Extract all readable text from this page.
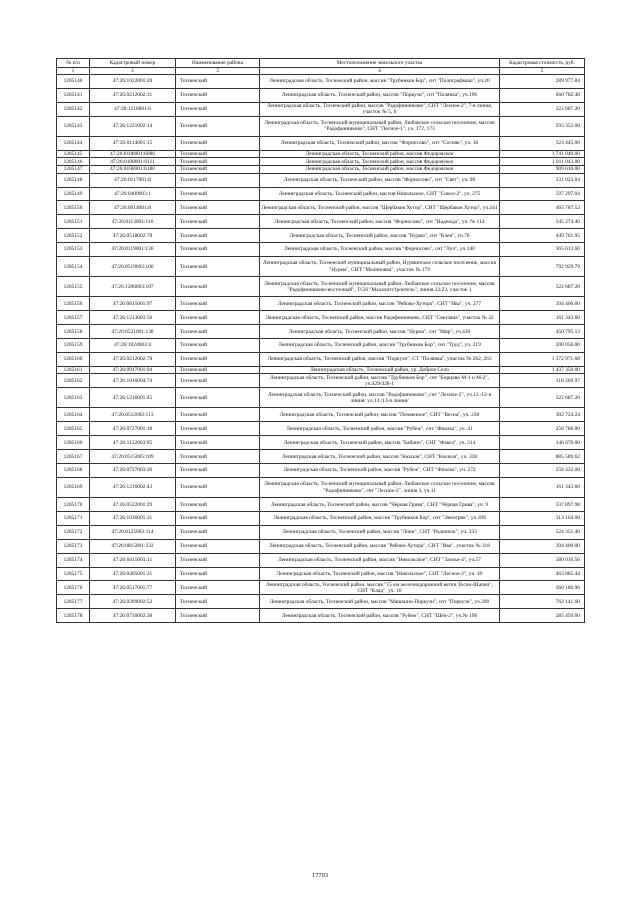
№ п/п	Кадастровый номер	Наименование района	Местоположение земельного участка	Кадастровая стоимость, руб.
1	2	3	4	5
1285140	47:26:1022001:20	Тосненский	Ленинградская область, Тосненский район, массив "Трубников Бор", снт "Полиграфмаш", уч.20	289 977.84
1285141	47:26:0212002:31	Тосненский	Ленинградская область, Тосненский район, массив "Поркузи", снт "Полянка", уч.196	660 782.40
1285142	47:26:1216001:6	Тосненский	Ленинградская область, Тосненский район, массив "Радофинниково", СНТ "Лесное-2", 7-я линия, участок № 5, 6	322 687.20
1285143	47:26:1221002:14	Тосненский	Ленинградская область, Тосненский муниципальный район, Любанское сельское поселение, массив "Радофинниково", СНТ "Лесное-1", уч. 172, 173	293 352.00
1285144	47:26:0114001:15	Тосненский	Ленинградская область, Тосненский район, массив "Форносово", снт "Сосняк", уч. 18	323 445.00
1285145	47:26:0108001:6086	Тосненский	Ленинградская область, Тосненский район, массив Федоровское	1 741 040.00
1285146	47:26:0108001:6111	Тосненский	Ленинградская область, Тосненский район, массив Федоровское	1 011 043.00
1285147	47:26:0108001:6180	Тосненский	Ленинградская область, Тосненский район, массив Федоровское	909 610.00
1285148	47:26:0117001:8	Тосненский	Ленинградская область, Тосненский район, массив "Форносово", снт "Свет", уч. 90	331 823.04
1285149	47:26:0409003:1	Тосненский	Ленинградская область, Тосненский район, массив Никольское, СНТ "Сокол-2", уч. 275	597 297.04
1285150	47:26:0914001:8	Тосненский	Ленинградская область, Тосненский район, массив "Щербаков Хутор", СНТ "Щербаков Хутор", уч.241	465 787.52
1285151	47:26:0113001:116	Тосненский	Ленинградская область, Тосненский район, массив "Форносово", снт "Надежда", уч. № 114	345 274.40
1285152	47:26:0518002:78	Тосненский	Ленинградская область, Тосненский район, массив "Нурма", снт "Клен", уч.76	449 761.95
1285153	47:26:0119001:136	Тосненский	Ленинградская область, Тосненский район, массив "Форносово", снт "Луч", уч.140	365 613.60
1285154	47:26:0519002:100	Тосненский	Ленинградская область, Тосненский муниципальный район, Нурминское сельское поселение, массив "Нурма", СНТ "Малиновка", участок № 179	792 929.79
1285155	47:26:1206003:107	Тосненский	Ленинградская область, Тосненский муниципальный район, Любанское сельское поселение, массив "Радофинниково-восточный", ТСН "Малахитстроитель", линия 22/23, участок 1	322 687.20
1285156	47:26:0815001:97	Тосненский	Ленинградская область, Тосненский район, массив "Рябово-Хутора", СНТ "Ива", уч. 277	394 400.00
1285157	47:26:1213003:50	Тосненский	Ленинградская область, Тосненский район, массив Радофинниково, СНТ "Светлана", участок № 32	161 343.60
1285158	47:26:0521001:138	Тосненский	Ленинградская область, Тосненский район, массив "Нурма", снт "Мир", уч.436	450 795.13
1285159	47:26:1024003:4	Тосненский	Ленинградская область, Тосненский район, массив "Трубников Бор", снт "Труд", уч. 219	208 056.00
1285160	47:26:0212002:78	Тосненский	Ленинградская область, Тосненский район, массив "Поркузи", СТ "Полянка", участок № 262, 263	1 372 971.68
1285161	47:26:0917001:94	Тосненский	Ленинградская область, Тосненский район, ур. Доброе Село	1 437 350.00
1285162	47:26:1016004:74	Тосненский	Ленинградская область, Тосненский район, массив "Трубников Бор", снт "Борцово М-1 и М-2", уч.429/428-1	318 269.97
1285163	47:26:1216001:45	Тосненский	Ленинградская область, Тосненский район, массив "Радофинниково", снт "Лесное-2", уч.13 /12-я линия/ уч.13 /13-я линия/	322 687.20
1285164	47:26:0512002:113	Тосненский	Ленинградская область, Тосненский район, массив "Почвенное", СНТ "Весна", уч. 238	302 724.24
1285165	47:26:0727001:18	Тосненский	Ленинградская область, Тосненский район, массив "Рубеж", снт "Фиалка", уч. 41	258 786.00
1285166	47:26:1122003:95	Тосненский	Ленинградская область, Тосненский район, массив "Бабино", СНТ "Факел", уч. 314	146 676.00
1285167	47:26:0515005:109	Тосненский	Ленинградская область, Тосненский район, массив "Кюльзя", СНТ "Кюльзя", уч. 338	885 589.62
1285168	47:26:0727003:26	Тосненский	Ленинградская область, Тосненский район, массив "Рубеж", СНТ "Фиалка", уч. 272	258 432.00
1285169	47:26:1216002:43	Тосненский	Ленинградская область, Тосненский муниципальный район, Любанское сельское поселение, массив "Радофинниково", снт "Лесное-2", линия 3, уч.11	161 343.60
1285170	47:26:0522001:29	Тосненский	Ленинградская область, Тосненский район, массив "Чёрная Грива", СНТ "Чёрная Грива", уч. 9	337 897.98
1285171	47:26:1036001:31	Тосненский	Ленинградская область, Тосненский район, массив "Трубников Бор", снт "Энеогрик", уч.189	313 164.00
1285172	47:26:0125003:114	Тосненский	Ленинградская область, Тосненский район, массив "Лоин", СНТ "Родничок", уч. 333	524 351.40
1285173	47:26:0815001:332	Тосненский	Ленинградская область, Тосненский район, массив "Рябово-Хутора", СНТ "Ива", участок № 318	394 400.00
1285174	47:26:0415001:11	Тосненский	Ленинградская область, Тосненский район, массив "Никольское", СНТ "Заозье-4", уч.57	380 016.56
1285175	47:26:0405001:21	Тосненский	Ленинградская область, Тосненский район, массив "Никольское", СНТ "Лесное-2", уч. 49	463 885.44
1285176	47:26:0517001:77	Тосненский	Ленинградская область, Тосненский район, массив "15 км железнодорожной ветки Тосно-Шапки", СНТ "Клад", уч. 10	360 180.96
1285177	47:26:0209002:52	Тосненский	Ленинградская область, Тосненский район, массив "Машкино-Поркузи", снт "Поркузи", уч.390	762 141.60
1285178	47:26:0730002:38	Тосненский	Ленинградская область, Тосненский район, массив "Рубеж", СНТ "Шёп-2", уч.№ 190	285 450.00
17703
